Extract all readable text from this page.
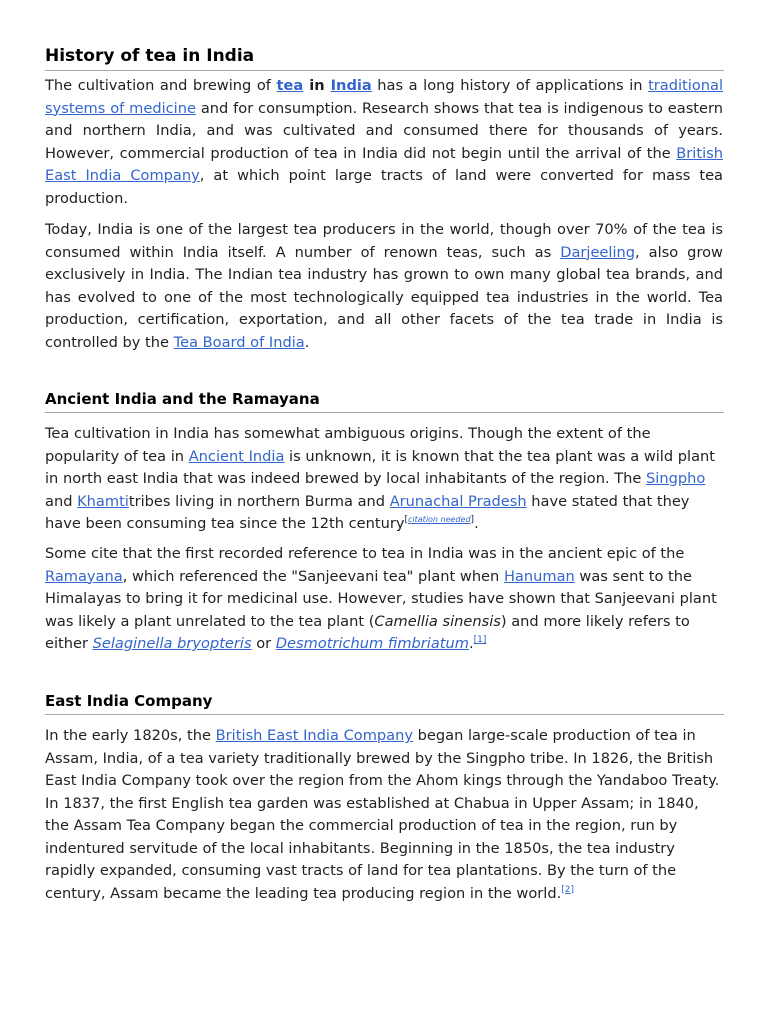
History of tea in India

The cultivation and brewing of tea in India has a long history of applications in traditional systems of medicine and for consumption. Research shows that tea is indigenous to eastern and northern India, and was cultivated and consumed there for thousands of years. However, commercial production of tea in India did not begin until the arrival of the British East India Company, at which point large tracts of land were converted for mass tea production.

Today, India is one of the largest tea producers in the world, though over 70% of the tea is consumed within India itself. A number of renown teas, such as Darjeeling, also grow exclusively in India. The Indian tea industry has grown to own many global tea brands, and has evolved to one of the most technologically equipped tea industries in the world. Tea production, certification, exportation, and all other facets of the tea trade in India is controlled by the Tea Board of India.

Ancient India and the Ramayana

Tea cultivation in India has somewhat ambiguous origins. Though the extent of the popularity of tea in Ancient India is unknown, it is known that the tea plant was a wild plant in north east India that was indeed brewed by local inhabitants of the region. The Singpho and Khamtitribes living in northern Burma and Arunachal Pradesh have stated that they have been consuming tea since the 12th century[citation needed].

Some cite that the first recorded reference to tea in India was in the ancient epic of the Ramayana, which referenced the "Sanjeevani tea" plant when Hanuman was sent to the Himalayas to bring it for medicinal use. However, studies have shown that Sanjeevani plant was likely a plant unrelated to the tea plant (Camellia sinensis) and more likely refers to either Selaginella bryopteris or Desmotrichum fimbriatum.[1]

East India Company

In the early 1820s, the British East India Company began large-scale production of tea in Assam, India, of a tea variety traditionally brewed by the Singpho tribe. In 1826, the British East India Company took over the region from the Ahom kings through the Yandaboo Treaty. In 1837, the first English tea garden was established at Chabua in Upper Assam; in 1840, the Assam Tea Company began the commercial production of tea in the region, run by indentured servitude of the local inhabitants. Beginning in the 1850s, the tea industry rapidly expanded, consuming vast tracts of land for tea plantations. By the turn of the century, Assam became the leading tea producing region in the world.[2]
